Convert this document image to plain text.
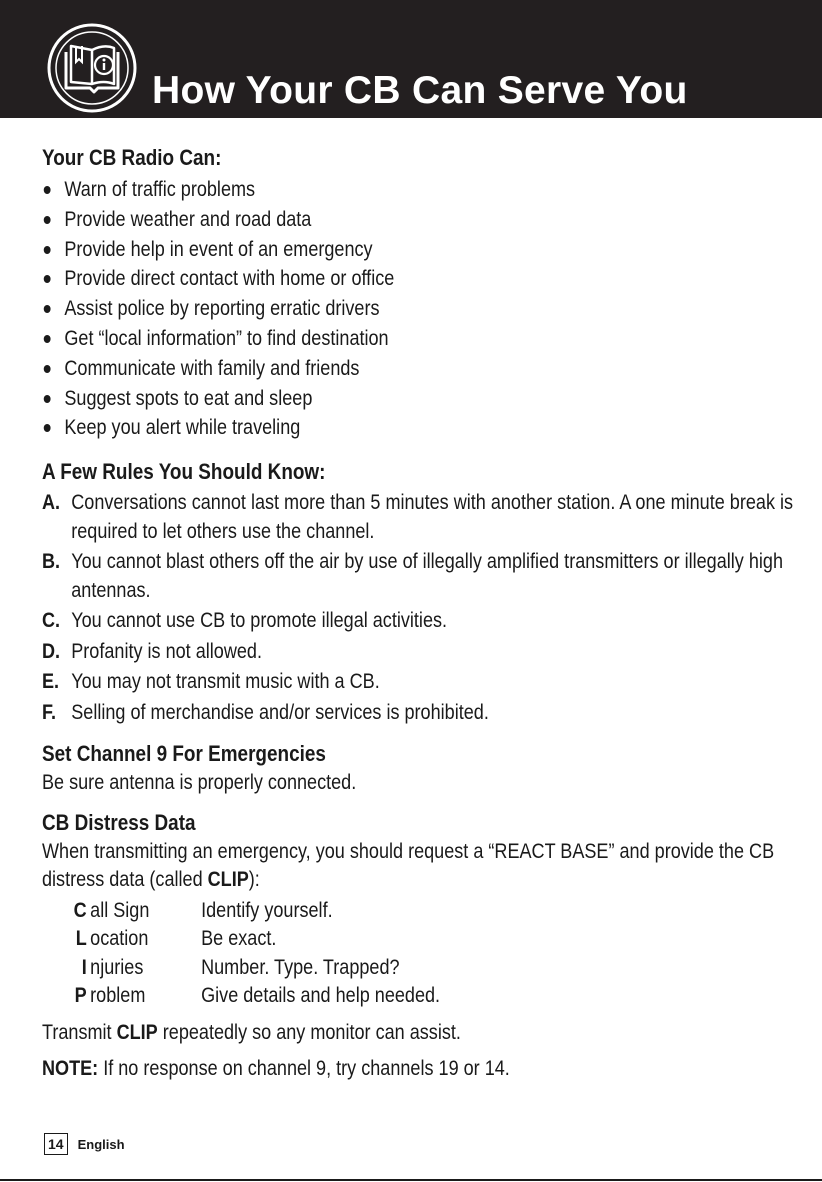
How Your CB Can Serve You
Your CB Radio Can:
Warn of traffic problems
Provide weather and road data
Provide help in event of an emergency
Provide direct contact with home or office
Assist police by reporting erratic drivers
Get “local information” to find destination
Communicate with family and friends
Suggest spots to eat and sleep
Keep you alert while traveling
A Few Rules You Should Know:
A. Conversations cannot last more than 5 minutes with another station. A one minute break is required to let others use the channel.
B. You cannot blast others off the air by use of illegally amplified transmitters or illegally high antennas.
C. You cannot use CB to promote illegal activities.
D. Profanity is not allowed.
E. You may not transmit music with a CB.
F. Selling of merchandise and/or services is prohibited.
Set Channel 9 For Emergencies

Be sure antenna is properly connected.

CB Distress Data

When transmitting an emergency, you should request a “REACT BASE” and provide the CB distress data (called CLIP):

C all Sign	Identify yourself.
L ocation	Be exact.
I njuries	Number. Type. Trapped?
P roblem	Give details and help needed.

Transmit CLIP repeatedly so any monitor can assist.

NOTE: If no response on channel 9, try channels 19 or 14.

14	English
